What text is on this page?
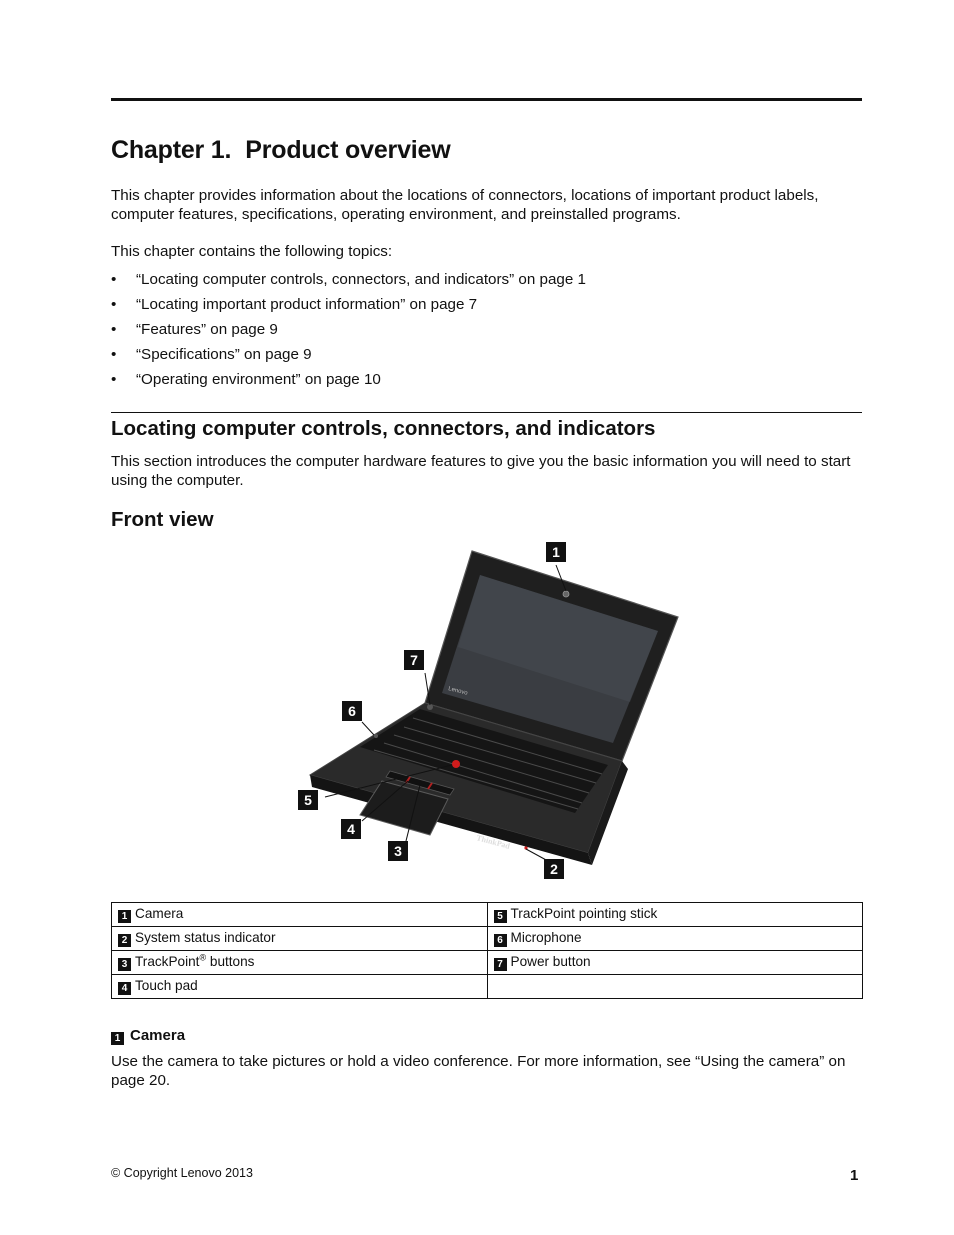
Chapter 1. Product overview
This chapter provides information about the locations of connectors, locations of important product labels, computer features, specifications, operating environment, and preinstalled programs.
This chapter contains the following topics:
• “Locating computer controls, connectors, and indicators” on page 1
• “Locating important product information” on page 7
• “Features” on page 9
• “Specifications” on page 9
• “Operating environment” on page 10
Locating computer controls, connectors, and indicators
This section introduces the computer hardware features to give you the basic information you will need to start using the computer.
Front view
Lenovo
ThinkPad
1
2
3
4
5
6
7
1 Camera	5 TrackPoint pointing stick
2 System status indicator	6 Microphone
3 TrackPoint® buttons	7 Power button
4 Touch pad	
1 Camera
Use the camera to take pictures or hold a video conference. For more information, see “Using the camera” on page 20.
© Copyright Lenovo 2013	1
